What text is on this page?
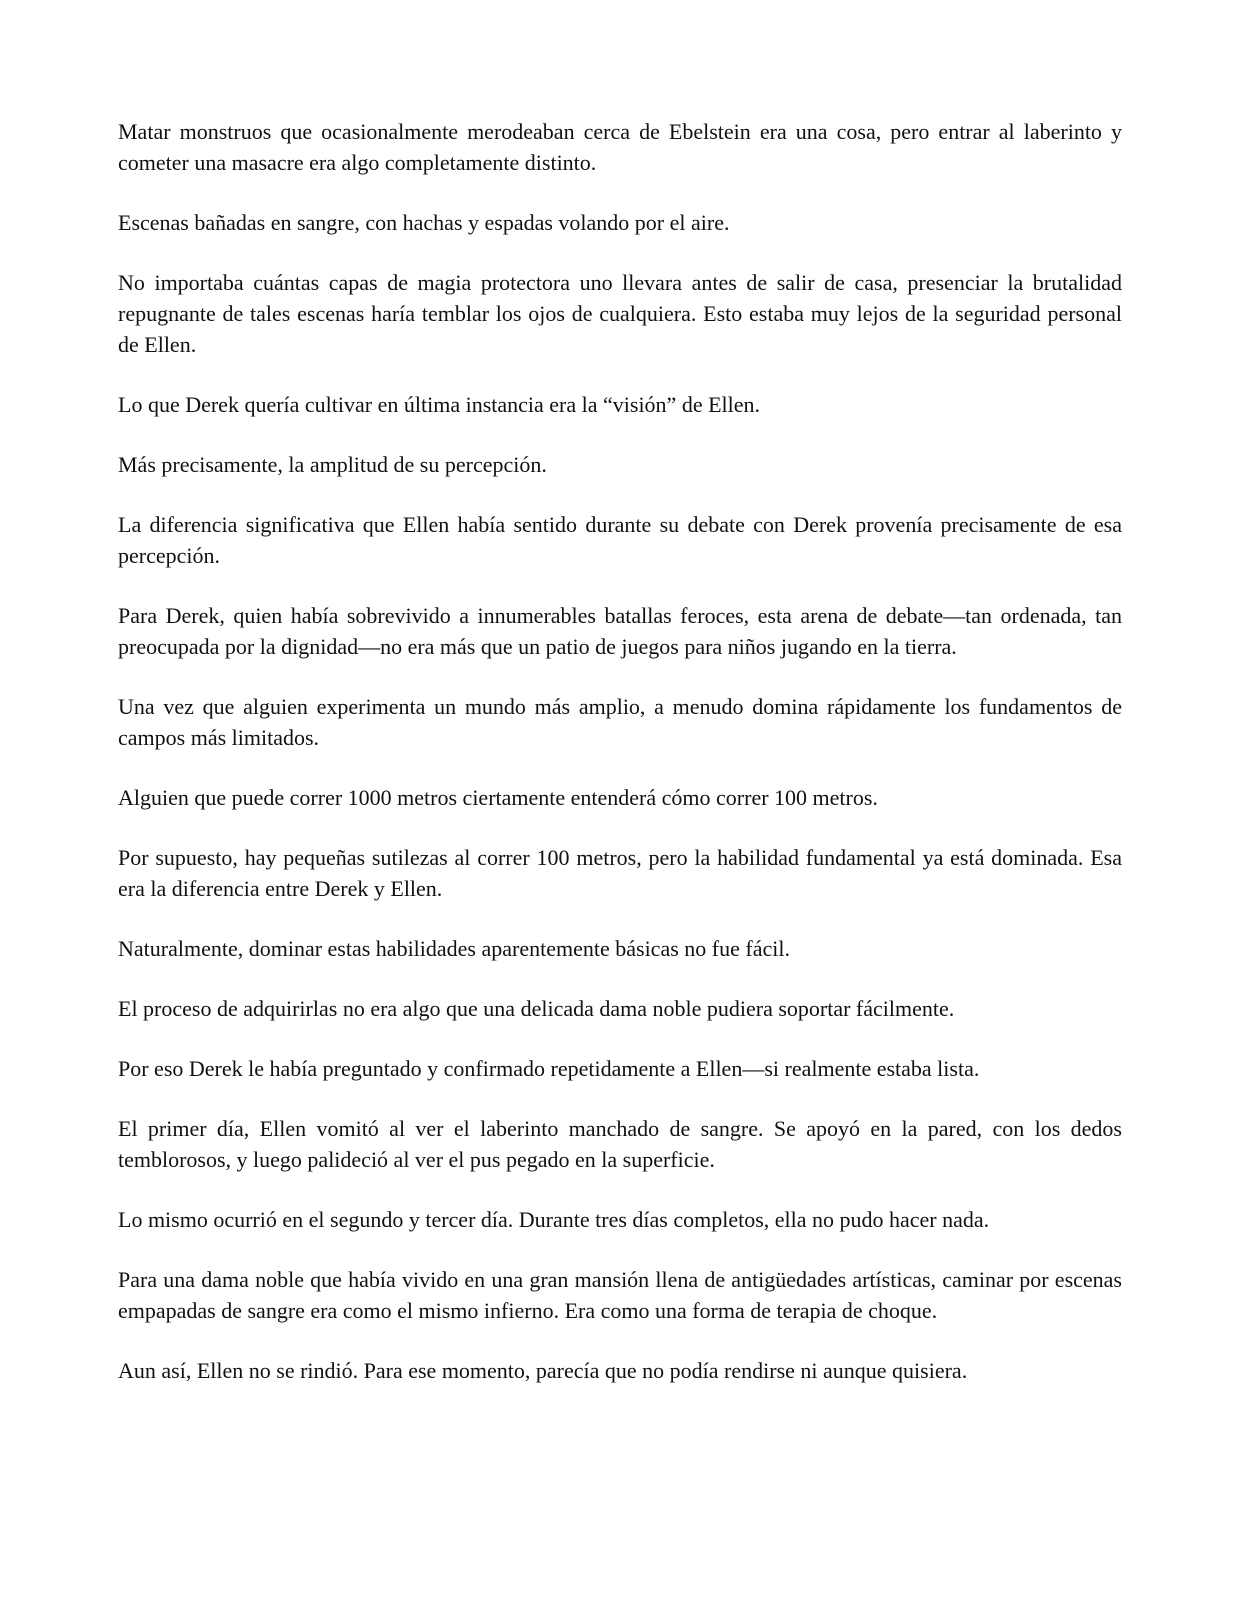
Matar monstruos que ocasionalmente merodeaban cerca de Ebelstein era una cosa, pero entrar al laberinto y cometer una masacre era algo completamente distinto.

Escenas bañadas en sangre, con hachas y espadas volando por el aire.

No importaba cuántas capas de magia protectora uno llevara antes de salir de casa, presenciar la brutalidad repugnante de tales escenas haría temblar los ojos de cualquiera. Esto estaba muy lejos de la seguridad personal de Ellen.

Lo que Derek quería cultivar en última instancia era la “visión” de Ellen.

Más precisamente, la amplitud de su percepción.

La diferencia significativa que Ellen había sentido durante su debate con Derek provenía precisamente de esa percepción.

Para Derek, quien había sobrevivido a innumerables batallas feroces, esta arena de debate—tan ordenada, tan preocupada por la dignidad—no era más que un patio de juegos para niños jugando en la tierra.

Una vez que alguien experimenta un mundo más amplio, a menudo domina rápidamente los fundamentos de campos más limitados.

Alguien que puede correr 1000 metros ciertamente entenderá cómo correr 100 metros.

Por supuesto, hay pequeñas sutilezas al correr 100 metros, pero la habilidad fundamental ya está dominada. Esa era la diferencia entre Derek y Ellen.

Naturalmente, dominar estas habilidades aparentemente básicas no fue fácil.

El proceso de adquirirlas no era algo que una delicada dama noble pudiera soportar fácilmente.

Por eso Derek le había preguntado y confirmado repetidamente a Ellen—si realmente estaba lista.

El primer día, Ellen vomitó al ver el laberinto manchado de sangre. Se apoyó en la pared, con los dedos temblorosos, y luego palideció al ver el pus pegado en la superficie.

Lo mismo ocurrió en el segundo y tercer día. Durante tres días completos, ella no pudo hacer nada.

Para una dama noble que había vivido en una gran mansión llena de antigüedades artísticas, caminar por escenas empapadas de sangre era como el mismo infierno. Era como una forma de terapia de choque.

Aun así, Ellen no se rindió. Para ese momento, parecía que no podía rendirse ni aunque quisiera.
